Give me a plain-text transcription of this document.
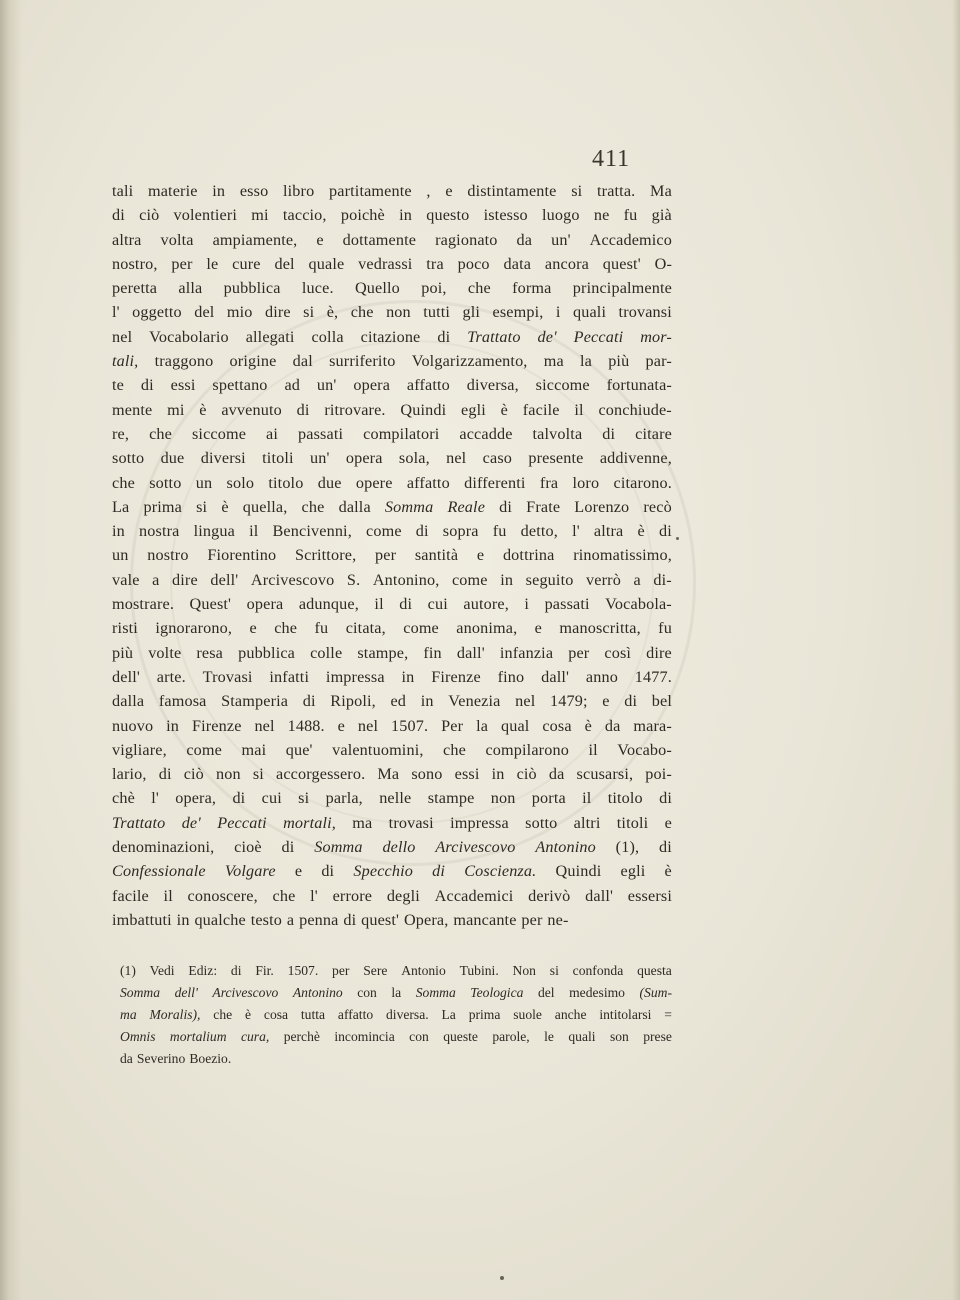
411
tali materie in esso libro partitamente , e distintamente si tratta. Ma
di ciò volentieri mi taccio, poichè in questo istesso luogo ne fu già
altra volta ampiamente, e dottamente ragionato da un' Accademico
nostro, per le cure del quale vedrassi tra poco data ancora quest' O-
peretta alla pubblica luce. Quello poi, che forma principalmente
l' oggetto del mio dire si è, che non tutti gli esempi, i quali trovansi
nel Vocabolario allegati colla citazione di Trattato de' Peccati mor-
tali, traggono origine dal surriferito Volgarizzamento, ma la più par-
te di essi spettano ad un' opera affatto diversa, siccome fortunata-
mente mi è avvenuto di ritrovare. Quindi egli è facile il conchiude-
re, che siccome ai passati compilatori accadde talvolta di citare
sotto due diversi titoli un' opera sola, nel caso presente addivenne,
che sotto un solo titolo due opere affatto differenti fra loro citarono.
La prima si è quella, che dalla Somma Reale di Frate Lorenzo recò
in nostra lingua il Bencivenni, come di sopra fu detto, l' altra è di
un nostro Fiorentino Scrittore, per santità e dottrina rinomatissimo,
vale a dire dell' Arcivescovo S. Antonino, come in seguito verrò a di-
mostrare. Quest' opera adunque, il di cui autore, i passati Vocabola-
risti ignorarono, e che fu citata, come anonima, e manoscritta, fu
più volte resa pubblica colle stampe, fin dall' infanzia per così dire
dell' arte. Trovasi infatti impressa in Firenze fino dall' anno 1477.
dalla famosa Stamperia di Ripoli, ed in Venezia nel 1479; e di bel
nuovo in Firenze nel 1488. e nel 1507. Per la qual cosa è da mara-
vigliare, come mai que' valentuomini, che compilarono il Vocabo-
lario, di ciò non si accorgessero. Ma sono essi in ciò da scusarsi, poi-
chè l' opera, di cui si parla, nelle stampe non porta il titolo di
Trattato de' Peccati mortali, ma trovasi impressa sotto altri titoli e
denominazioni, cioè di Somma dello Arcivescovo Antonino (1), di
Confessionale Volgare e di Specchio di Coscienza. Quindi egli è
facile il conoscere, che l' errore degli Accademici derivò dall' essersi
imbattuti in qualche testo a penna di quest' Opera, mancante per ne-
(1) Vedi Ediz: di Fir. 1507. per Sere Antonio Tubini. Non si confonda questa
Somma dell' Arcivescovo Antonino con la Somma Teologica del medesimo (Sum-
ma Moralis), che è cosa tutta affatto diversa. La prima suole anche intitolarsi =
Omnis mortalium cura, perchè incomincia con queste parole, le quali son prese
da Severino Boezio.
